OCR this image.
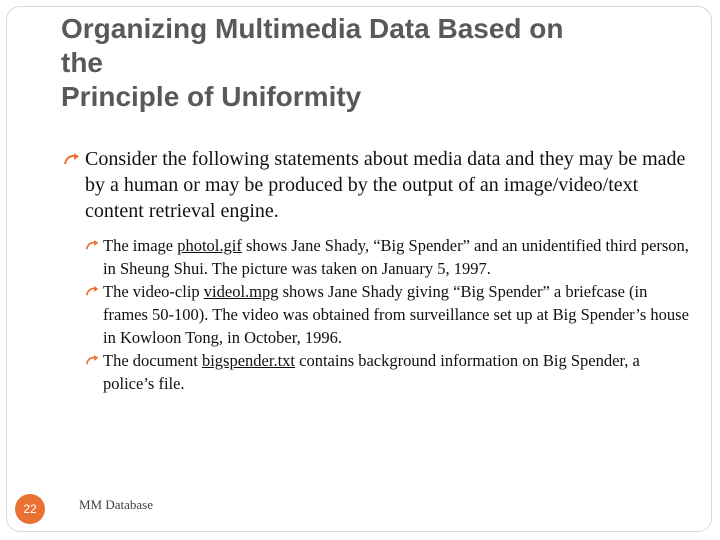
Organizing Multimedia Data Based on
the
Principle of Uniformity
Consider the following statements about media data and they may be made by a human or may be produced by the output of an image/video/text content retrieval engine.
The image photol.gif shows Jane Shady, “Big Spender” and an unidentified third person, in Sheung Shui. The picture was taken on January 5, 1997.
The video-clip videol.mpg shows Jane Shady giving “Big Spender” a briefcase (in frames 50-100). The video was obtained from surveillance set up at Big Spender’s house in Kowloon Tong, in October, 1996.
The document bigspender.txt contains background information on Big Spender, a police’s file.
22	MM Database
